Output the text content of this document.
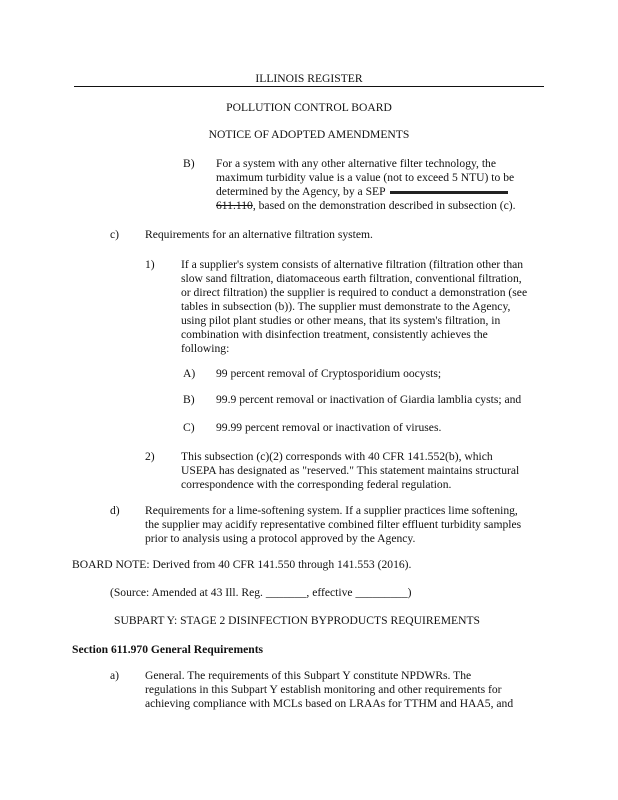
ILLINOIS REGISTER
POLLUTION CONTROL BOARD
NOTICE OF ADOPTED AMENDMENTS
B) For a system with any other alternative filter technology, the
maximum turbidity value is a value (not to exceed 5 NTU) to be
determined by the Agency, by a SEP
611.110, based on the demonstration described in subsection (c).
c) Requirements for an alternative filtration system.
1) If a supplier's system consists of alternative filtration (filtration other than
slow sand filtration, diatomaceous earth filtration, conventional filtration,
or direct filtration) the supplier is required to conduct a demonstration (see
tables in subsection (b)). The supplier must demonstrate to the Agency,
using pilot plant studies or other means, that its system's filtration, in
combination with disinfection treatment, consistently achieves the
following:
A) 99 percent removal of Cryptosporidium oocysts;
B) 99.9 percent removal or inactivation of Giardia lamblia cysts; and
C) 99.99 percent removal or inactivation of viruses.
2) This subsection (c)(2) corresponds with 40 CFR 141.552(b), which
USEPA has designated as "reserved." This statement maintains structural
correspondence with the corresponding federal regulation.
d) Requirements for a lime-softening system. If a supplier practices lime softening,
the supplier may acidify representative combined filter effluent turbidity samples
prior to analysis using a protocol approved by the Agency.
BOARD NOTE: Derived from 40 CFR 141.550 through 141.553 (2016).
(Source: Amended at 43 Ill. Reg. _______, effective _________)
SUBPART Y: STAGE 2 DISINFECTION BYPRODUCTS REQUIREMENTS
Section 611.970 General Requirements
a) General. The requirements of this Subpart Y constitute NPDWRs. The
regulations in this Subpart Y establish monitoring and other requirements for
achieving compliance with MCLs based on LRAAs for TTHM and HAA5, and
